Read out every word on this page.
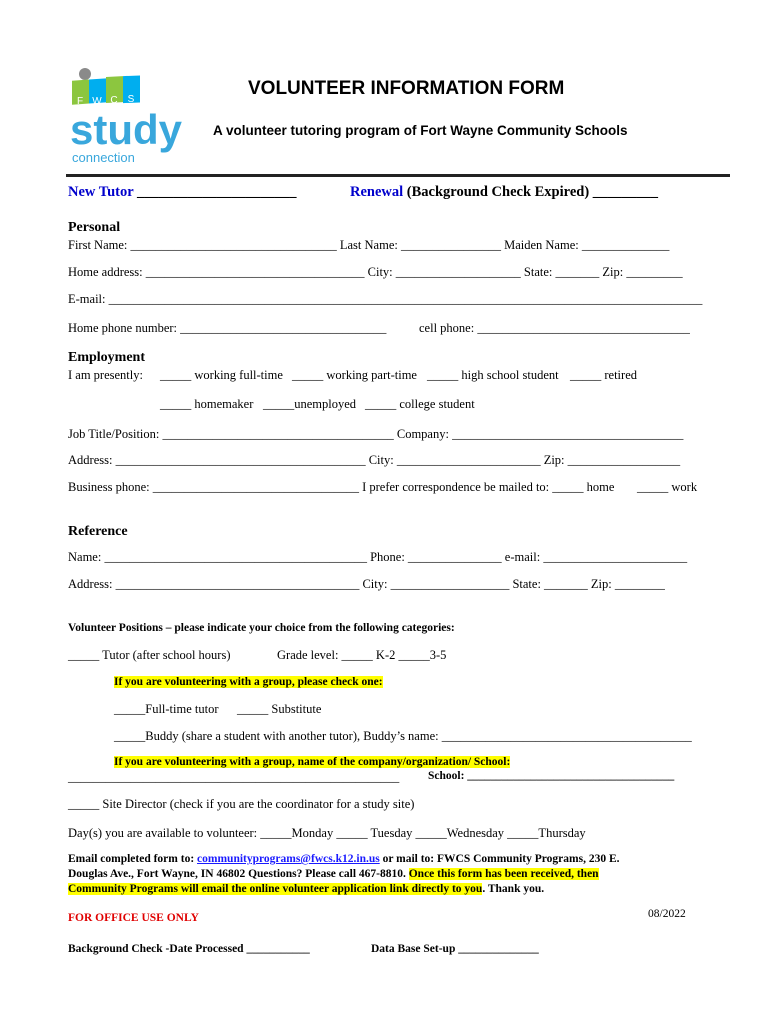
F W C S
study
connection
VOLUNTEER INFORMATION FORM
A volunteer tutoring program of Fort Wayne Community Schools
New Tutor ______________________	Renewal (Background Check Expired) _________
Personal
First Name: _________________________________ Last Name: ________________ Maiden Name: ______________
Home address: ___________________________________ City: ____________________ State: _______ Zip: _________
E-mail: _______________________________________________________________________________________________
Home phone number: _________________________________	cell phone: __________________________________
Employment
I am presently: _____ working full-time _____ working part-time _____ high school student _____ retired
_____ homemaker _____unemployed _____ college student
Job Title/Position: _____________________________________ Company: _____________________________________
Address: ________________________________________ City: _______________________ Zip: __________________
Business phone: _________________________________ I prefer correspondence be mailed to: _____ home _____ work
Reference
Name: __________________________________________ Phone: _______________ e-mail: _______________________
Address: _______________________________________ City: ___________________ State: _______ Zip: ________
Volunteer Positions – please indicate your choice from the following categories:
_____ Tutor (after school hours)	Grade level: _____ K-2 _____3-5
If you are volunteering with a group, please check one:
_____Full-time tutor _____ Substitute
_____Buddy (share a student with another tutor), Buddy’s name: ________________________________________
If you are volunteering with a group, name of the company/organization/ School:
_____________________________________________________	School: ____________________________________
_____ Site Director (check if you are the coordinator for a study site)
Day(s) you are available to volunteer: _____Monday _____ Tuesday _____Wednesday _____Thursday
Email completed form to: communityprograms@fwcs.k12.in.us or mail to: FWCS Community Programs, 230 E.
Douglas Ave., Fort Wayne, IN 46802 Questions? Please call 467-8810. Once this form has been received, then
Community Programs will email the online volunteer application link directly to you. Thank you.
FOR OFFICE USE ONLY	08/2022
Background Check -Date Processed ___________	Data Base Set-up ______________
